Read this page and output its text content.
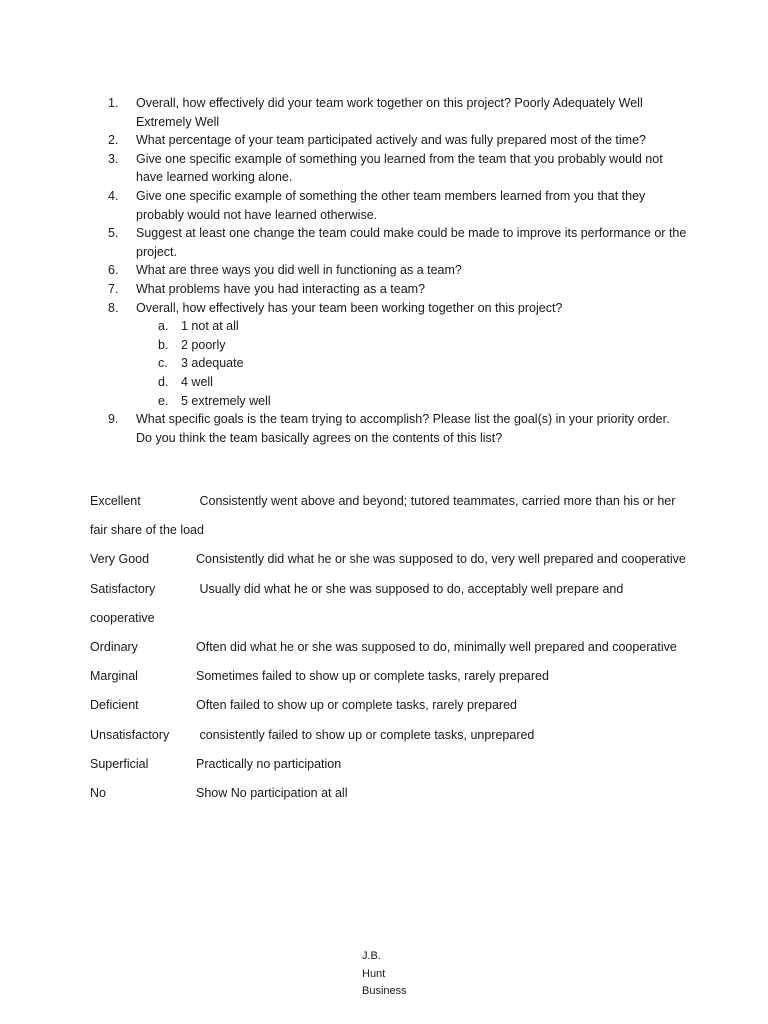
1.	Overall, how effectively did your team work together on this project? Poorly Adequately Well Extremely Well
2.	What percentage of your team participated actively and was fully prepared most of the time?
3.	Give one specific example of something you learned from the team that you probably would not have learned working alone.
4.	Give one specific example of something the other team members learned from you that they probably would not have learned otherwise.
5.	Suggest at least one change the team could make could be made to improve its performance or the project.
6.	What are three ways you did well in functioning as a team?
7.	What problems have you had interacting as a team?
8.	Overall, how effectively has your team been working together on this project?
a. 1 not at all
b. 2 poorly
c. 3 adequate
d. 4 well
e. 5 extremely well
9.	What specific goals is the team trying to accomplish? Please list the goal(s) in your priority order. Do you think the team basically agrees on the contents of this list?
Excellent	Consistently went above and beyond; tutored teammates, carried more than his or her fair share of the load
Very Good	Consistently did what he or she was supposed to do, very well prepared and cooperative
Satisfactory	Usually did what he or she was supposed to do, acceptably well prepare and cooperative
Ordinary	Often did what he or she was supposed to do, minimally well prepared and cooperative
Marginal	Sometimes failed to show up or complete tasks, rarely prepared
Deficient	Often failed to show up or complete tasks, rarely prepared
Unsatisfactory consistently failed to show up or complete tasks, unprepared
Superficial	Practically no participation
No	Show No participation at all
J.B.
Hunt
Business
